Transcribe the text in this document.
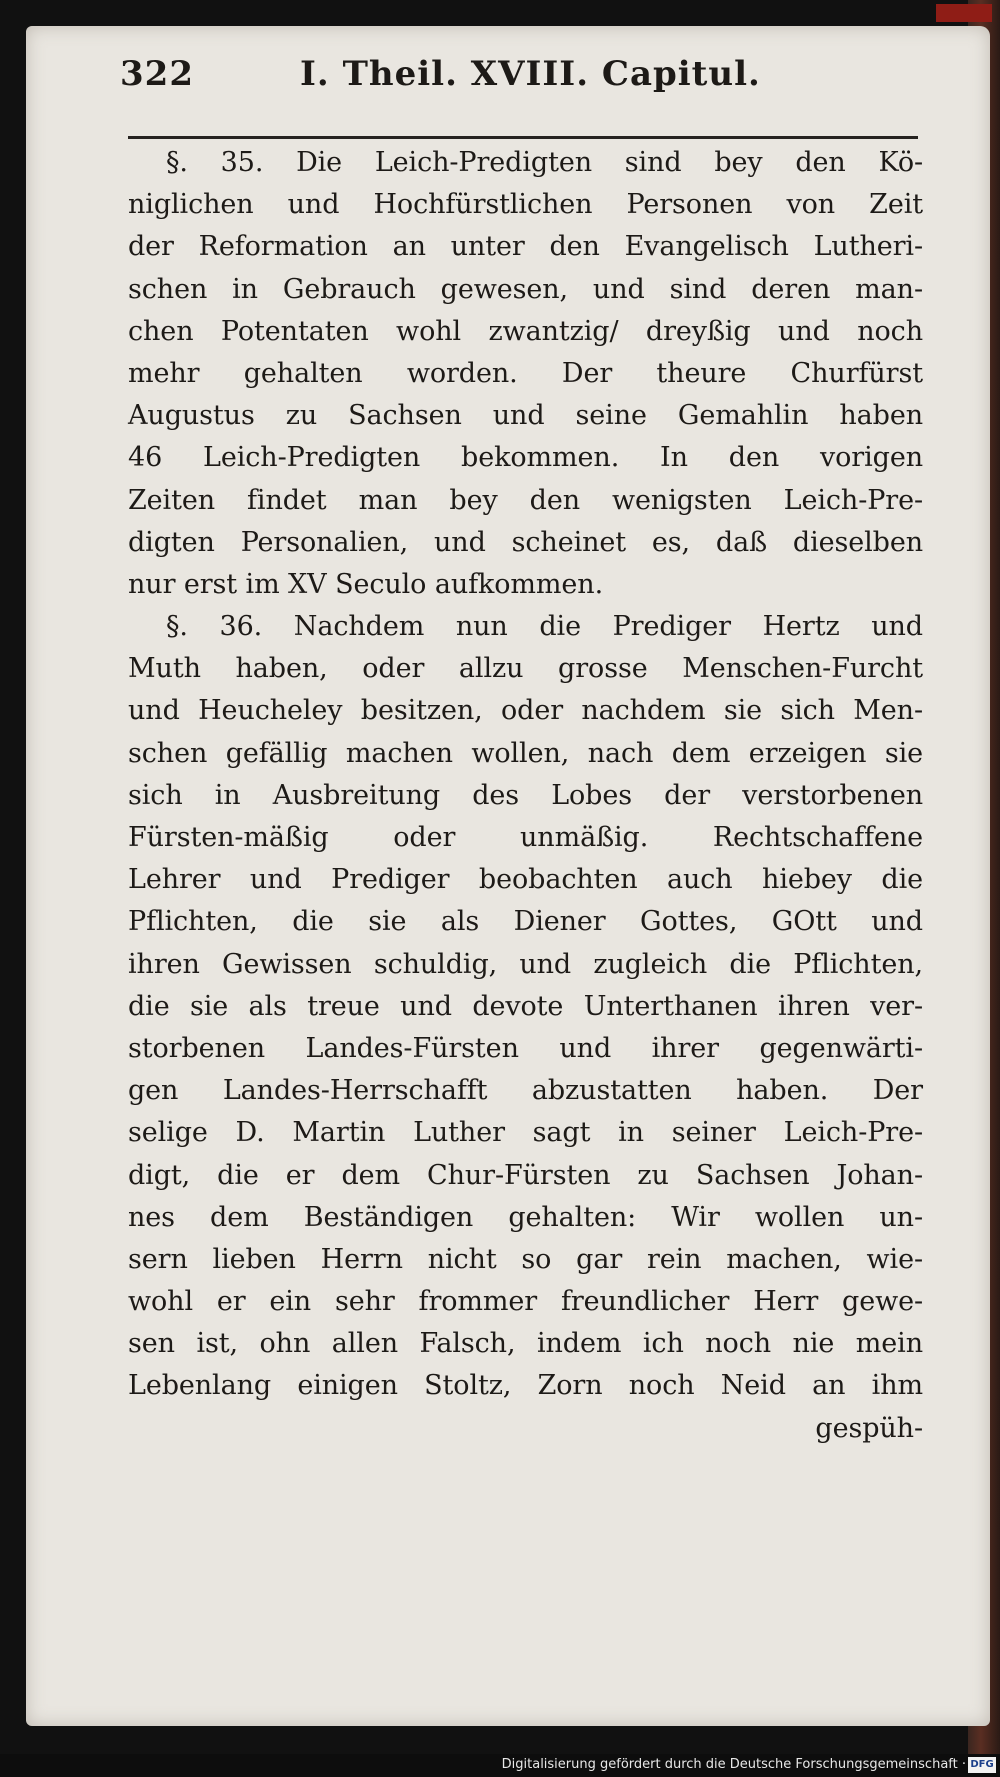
322	I. Theil. XVIII. Capitul.
§. 35. Die Leich-Predigten sind bey den Kö-
niglichen und Hochfürstlichen Personen von Zeit
der Reformation an unter den Evangelisch Lutheri-
schen in Gebrauch gewesen, und sind deren man-
chen Potentaten wohl zwantzig/ dreyßig und noch
mehr gehalten worden. Der theure Churfürst
Augustus zu Sachsen und seine Gemahlin haben
46 Leich-Predigten bekommen. In den vorigen
Zeiten findet man bey den wenigsten Leich-Pre-
digten Personalien, und scheinet es, daß dieselben
nur erst im XV Seculo aufkommen.
§. 36. Nachdem nun die Prediger Hertz und
Muth haben, oder allzu grosse Menschen-Furcht
und Heucheley besitzen, oder nachdem sie sich Men-
schen gefällig machen wollen, nach dem erzeigen sie
sich in Ausbreitung des Lobes der verstorbenen
Fürsten-mäßig oder unmäßig. Rechtschaffene
Lehrer und Prediger beobachten auch hiebey die
Pflichten, die sie als Diener Gottes, GOtt und
ihren Gewissen schuldig, und zugleich die Pflichten,
die sie als treue und devote Unterthanen ihren ver-
storbenen Landes-Fürsten und ihrer gegenwärti-
gen Landes-Herrschafft abzustatten haben. Der
selige D. Martin Luther sagt in seiner Leich-Pre-
digt, die er dem Chur-Fürsten zu Sachsen Johan-
nes dem Beständigen gehalten: Wir wollen un-
sern lieben Herrn nicht so gar rein machen, wie-
wohl er ein sehr frommer freundlicher Herr gewe-
sen ist, ohn allen Falsch, indem ich noch nie mein
Lebenlang einigen Stoltz, Zorn noch Neid an ihm
gespüh-
Digitalisierung gefördert durch die Deutsche Forschungsgemeinschaft · DFG
